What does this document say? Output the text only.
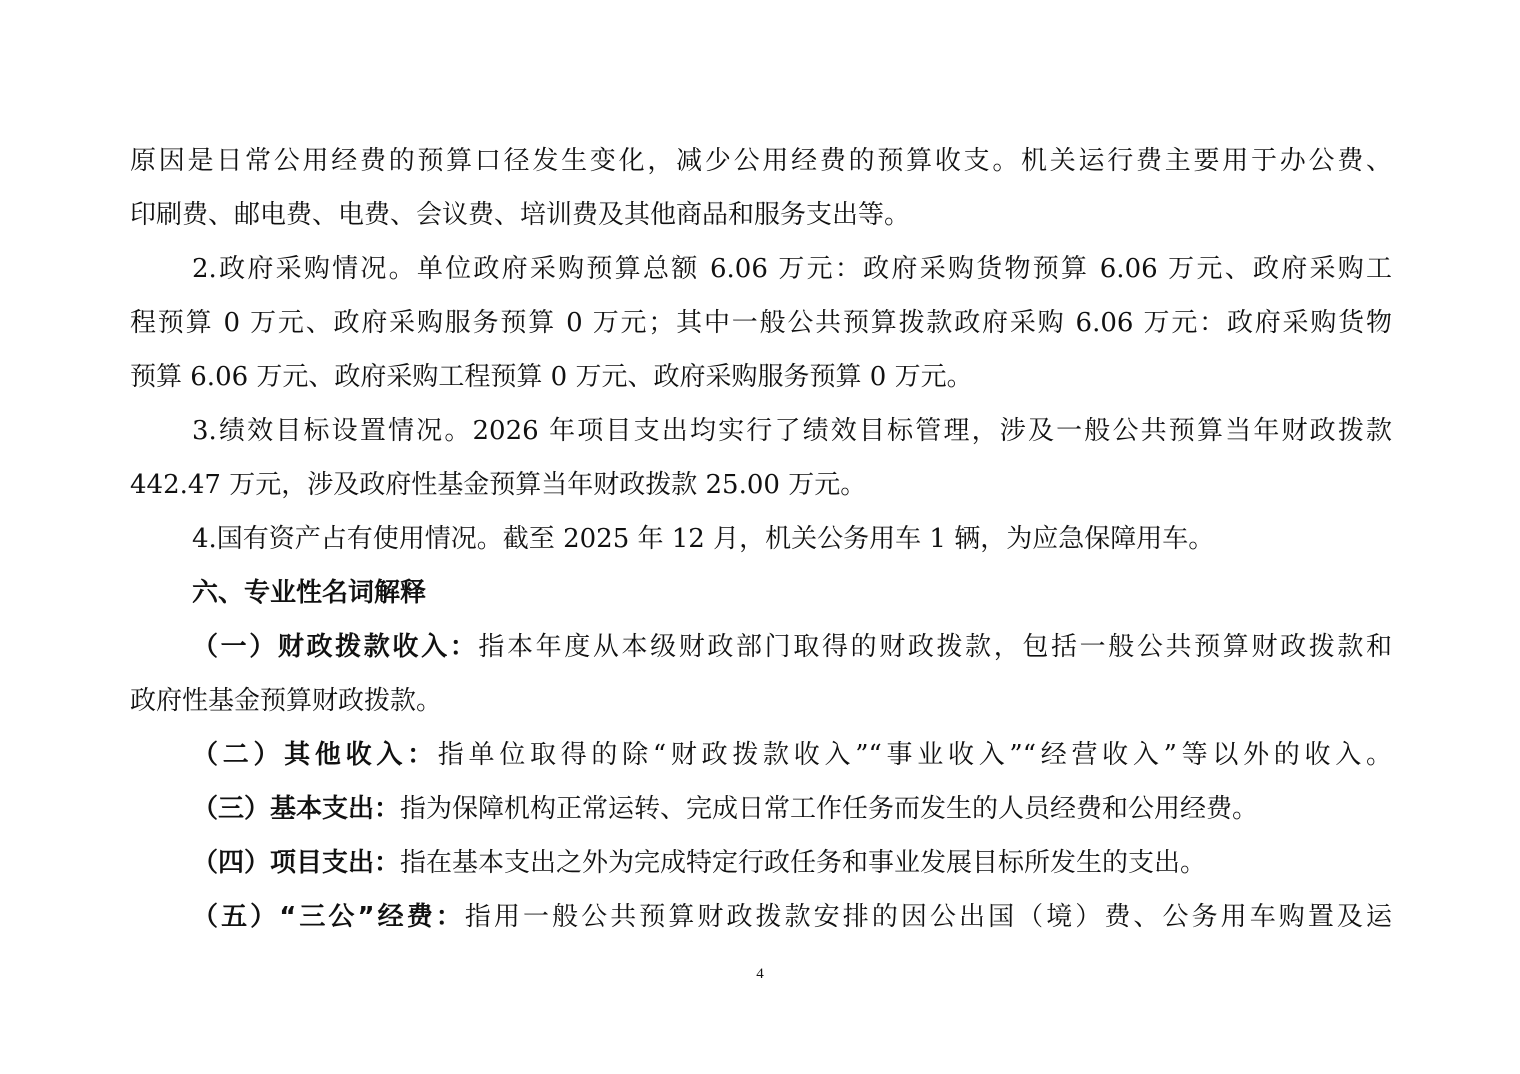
原因是日常公用经费的预算口径发生变化，减少公用经费的预算收支。机关运行费主要用于办公费、
印刷费、邮电费、电费、会议费、培训费及其他商品和服务支出等。
2.政府采购情况。单位政府采购预算总额 6.06 万元：政府采购货物预算 6.06 万元、政府采购工
程预算 0 万元、政府采购服务预算 0 万元；其中一般公共预算拨款政府采购 6.06 万元：政府采购货物
预算 6.06 万元、政府采购工程预算 0 万元、政府采购服务预算 0 万元。
3.绩效目标设置情况。2026 年项目支出均实行了绩效目标管理，涉及一般公共预算当年财政拨款
442.47 万元，涉及政府性基金预算当年财政拨款 25.00 万元。
4.国有资产占有使用情况。截至 2025 年 12 月，机关公务用车 1 辆，为应急保障用车。
六、专业性名词解释
（一）财政拨款收入：指本年度从本级财政部门取得的财政拨款，包括一般公共预算财政拨款和
政府性基金预算财政拨款。
（二）其他收入：指单位取得的除“财政拨款收入”“事业收入”“经营收入”等以外的收入。
（三）基本支出：指为保障机构正常运转、完成日常工作任务而发生的人员经费和公用经费。
（四）项目支出：指在基本支出之外为完成特定行政任务和事业发展目标所发生的支出。
（五）“三公”经费：指用一般公共预算财政拨款安排的因公出国（境）费、公务用车购置及运
4
